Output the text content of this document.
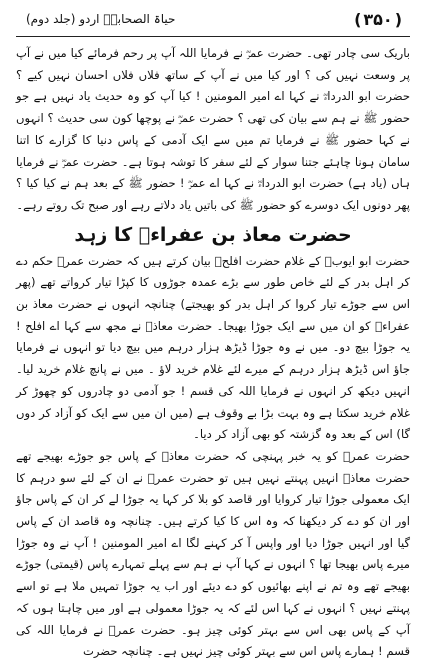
( ۳۵۰ )
حیاۃ الصحابہؓ اردو (جلد دوم)

باریک سی چادر تھی۔ حضرت عمرؓ نے فرمایا اللہ آپ پر رحم فرمائے کیا میں نے آپ پر وسعت نہیں کی ؟ اور کیا میں نے آپ کے ساتھ فلاں فلاں احسان نہیں کیے ؟ حضرت ابو الدرداءؓ نے کہا اے امیر المومنین ! کیا آپ کو وہ حدیث یاد نہیں ہے جو حضور ﷺ نے ہم سے بیان کی تھی ؟ حضرت عمرؓ نے پوچھا کون سی حدیث ؟ انہوں نے کہا حضور ﷺ نے فرمایا تم میں سے ایک آدمی کے پاس دنیا کا گزارے کا اتنا سامان ہونا چاہئے جتنا سوار کے لئے سفر کا توشہ ہوتا ہے۔ حضرت عمرؓ نے فرمایا ہاں (یاد ہے) حضرت ابو الدرداءؓ نے کہا اے عمرؓ ! حضور ﷺ کے بعد ہم نے کیا کیا ؟ پھر دونوں ایک دوسرے کو حضور ﷺ کی باتیں یاد دلاتے رہے اور صبح تک روتے رہے۔

حضرت معاذ بن عفراءؓ کا زہد

حضرت ابو ایوبؓ کے غلام حضرت افلحؒ بیان کرتے ہیں کہ حضرت عمرؓ حکم دے کر اہل بدر کے لئے خاص طور سے بڑے عمدہ جوڑوں کا کپڑا تیار کرواتے تھے (پھر اس سے جوڑے تیار کروا کر اہل بدر کو بھیجتے) چنانچہ انہوں نے حضرت معاذ بن عفراءؓ کو ان میں سے ایک جوڑا بھیجا۔ حضرت معاذؓ نے مجھ سے کہا اے افلح ! یہ جوڑا بیچ دو۔ میں نے وہ جوڑا ڈیڑھ ہزار درہم میں بیچ دیا تو انہوں نے فرمایا جاؤ اس ڈیڑھ ہزار درہم کے میرے لئے غلام خرید لاؤ ۔ میں نے پانچ غلام خرید لیا۔ انہیں دیکھ کر انہوں نے فرمایا اللہ کی قسم ! جو آدمی دو چادروں کو چھوڑ کر غلام خرید سکتا ہے وہ بہت بڑا بے وقوف ہے (میں ان میں سے ایک کو آزاد کر دوں گا) اس کے بعد وہ گزشتہ کو بھی آزاد کر دیا۔

حضرت عمرؓ کو یہ خبر پہنچی کہ حضرت معاذؓ کے پاس جو جوڑے بھیجے تھے حضرت معاذؓ انہیں پہنتے نہیں ہیں تو حضرت عمرؓ نے ان کے لئے سو درہم کا ایک معمولی جوڑا تیار کروایا اور قاصد کو بلا کر کہا یہ جوڑا لے کر ان کے پاس جاؤ اور ان کو دے کر دیکھنا کہ وہ اس کا کیا کرتے ہیں۔ چنانچہ وہ قاصد ان کے پاس گیا اور انہیں جوڑا دیا اور واپس آ کر کہنے لگا اے امیر المومنین ! آپ نے وہ جوڑا میرے پاس بھیجا تھا ؟ انہوں نے کہا آپ نے ہم سے پہلے تمہارے پاس (قیمتی) جوڑے بھیجے تھے وہ تم نے اپنے بھائیوں کو دے دیئے اور اب یہ جوڑا تمہیں ملا ہے تو اسے پہنتے نہیں ؟ انہوں نے کہا اس لئے کہ یہ جوڑا معمولی ہے اور میں چاہتا ہوں کہ آپ کے پاس بھی اس سے بہتر کوئی چیز ہو۔ حضرت عمرؓ نے فرمایا اللہ کی قسم ! ہمارے پاس اس سے بہتر کوئی چیز نہیں ہے۔ چنانچہ حضرت
